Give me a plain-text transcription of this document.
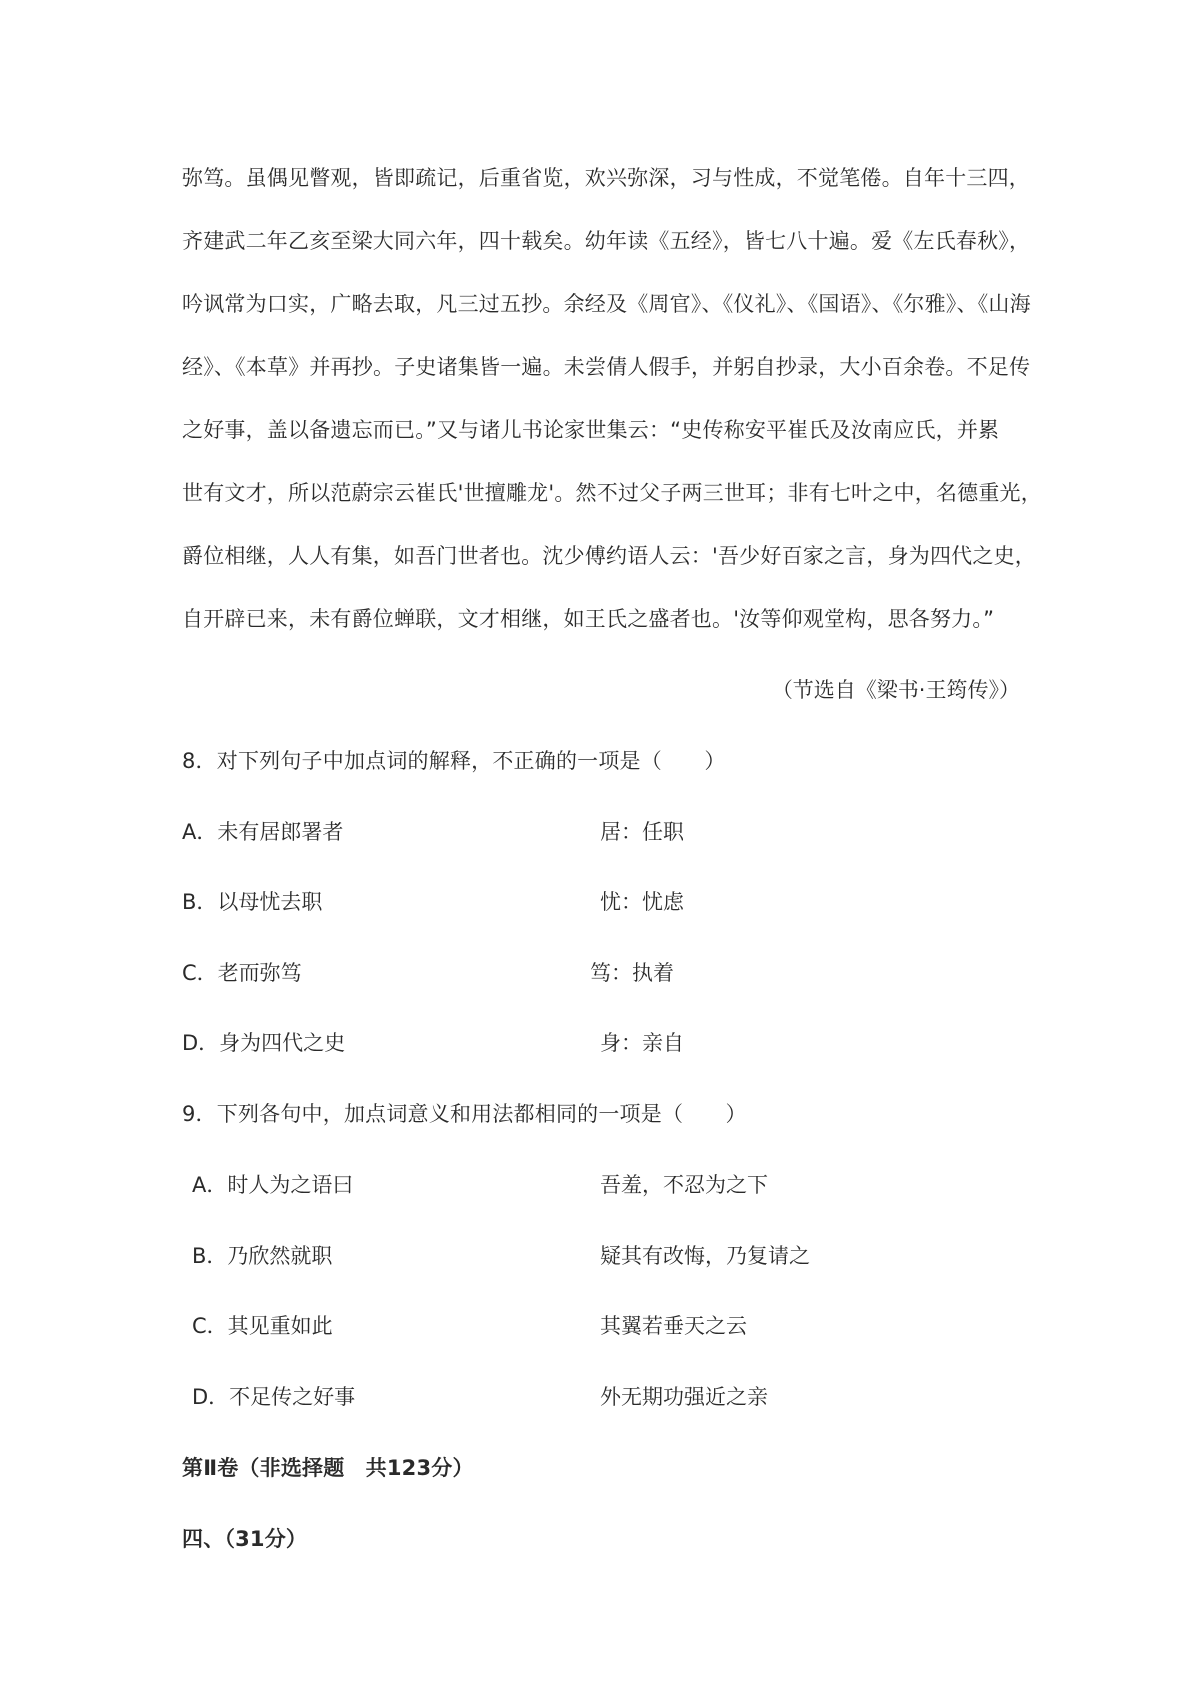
弥笃。虽偶见瞥观，皆即疏记，后重省览，欢兴弥深，习与性成，不觉笔倦。自年十三四，
齐建武二年乙亥至梁大同六年，四十载矣。幼年读《五经》，皆七八十遍。爱《左氏春秋》，
吟讽常为口实，广略去取，凡三过五抄。余经及《周官》、《仪礼》、《国语》、《尔雅》、《山海
经》、《本草》并再抄。子史诸集皆一遍。未尝倩人假手，并躬自抄录，大小百余卷。不足传
之好事，盖以备遗忘而已。”又与诸儿书论家世集云：“史传称安平崔氏及汝南应氏，并累
世有文才，所以范蔚宗云崔氏'世擅雕龙'。然不过父子两三世耳；非有七叶之中，名德重光，
爵位相继，人人有集，如吾门世者也。沈少傅约语人云：'吾少好百家之言，身为四代之史，
自开辟已来，未有爵位蝉联，文才相继，如王氏之盛者也。'汝等仰观堂构，思各努力。”
（节选自《梁书·王筠传》）
8．对下列句子中加点词的解释，不正确的一项是（　　）
A．未有居郎署者	居：任职
B．以母忧去职	忧：忧虑
C．老而弥笃	笃：执着
D．身为四代之史	身：亲自
9．下列各句中，加点词意义和用法都相同的一项是（　　）
A．时人为之语曰	吾羞，不忍为之下
B．乃欣然就职	疑其有改悔，乃复请之
C．其见重如此	其翼若垂天之云
D．不足传之好事	外无期功强近之亲
第Ⅱ卷（非选择题　共123分）
四、（31分）
